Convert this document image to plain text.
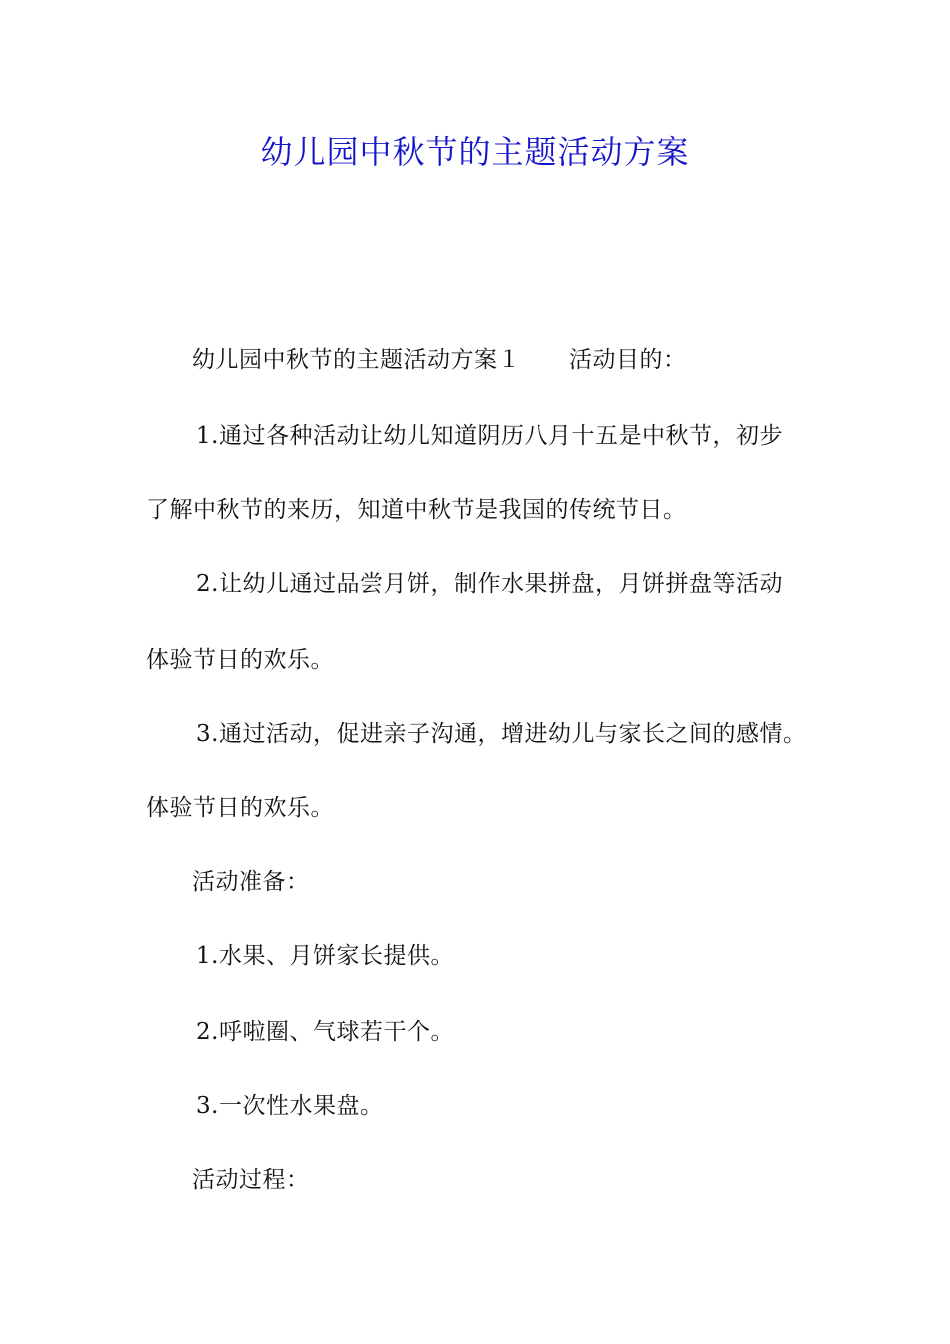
幼儿园中秋节的主题活动方案
幼儿园中秋节的主题活动方案１ 活动目的：
1.通过各种活动让幼儿知道阴历八月十五是中秋节，初步
了解中秋节的来历，知道中秋节是我国的传统节日。
2.让幼儿通过品尝月饼，制作水果拼盘，月饼拼盘等活动
体验节日的欢乐。
3.通过活动，促进亲子沟通，增进幼儿与家长之间的感情。
体验节日的欢乐。
活动准备：
1.水果、月饼家长提供。
2.呼啦圈、气球若干个。
3.一次性水果盘。
活动过程：
